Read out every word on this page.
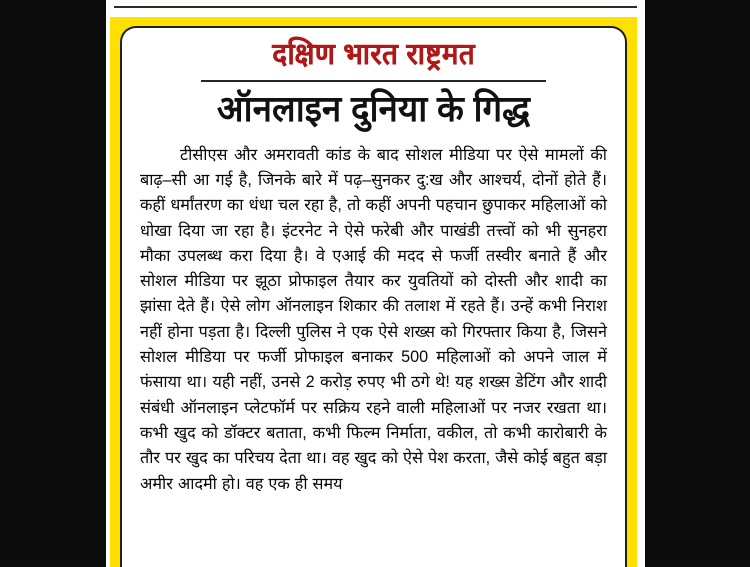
दक्षिण भारत राष्ट्रमत
ऑनलाइन दुनिया के गिद्ध

टीसीएस और अमरावती कांड के बाद सोशल मीडिया पर ऐसे मामलों की बाढ़–सी आ गई है, जिनके बारे में पढ़–सुनकर दु:ख और आश्चर्य, दोनों होते हैं। कहीं धर्मांतरण का धंधा चल रहा है, तो कहीं अपनी पहचान छुपाकर महिलाओं को धोखा दिया जा रहा है। इंटरनेट ने ऐसे फरेबी और पाखंडी तत्त्वों को भी सुनहरा मौका उपलब्ध करा दिया है। वे एआई की मदद से फर्जी तस्वीर बनाते हैं और सोशल मीडिया पर झूठा प्रोफाइल तैयार कर युवतियों को दोस्ती और शादी का झांसा देते हैं। ऐसे लोग ऑनलाइन शिकार की तलाश में रहते हैं। उन्हें कभी निराश नहीं होना पड़ता है। दिल्ली पुलिस ने एक ऐसे शख्स को गिरफ्तार किया है, जिसने सोशल मीडिया पर फर्जी प्रोफाइल बनाकर 500 महिलाओं को अपने जाल में फंसाया था। यही नहीं, उनसे 2 करोड़ रुपए भी ठगे थे! यह शख्स डेटिंग और शादी संबंधी ऑनलाइन प्लेटफॉर्म पर सक्रिय रहने वाली महिलाओं पर नजर रखता था। कभी खुद को डॉक्टर बताता, कभी फिल्म निर्माता, वकील, तो कभी कारोबारी के तौर पर खुद का परिचय देता था। वह खुद को ऐसे पेश करता, जैसे कोई बहुत बड़ा अमीर आदमी हो। वह एक ही समय
